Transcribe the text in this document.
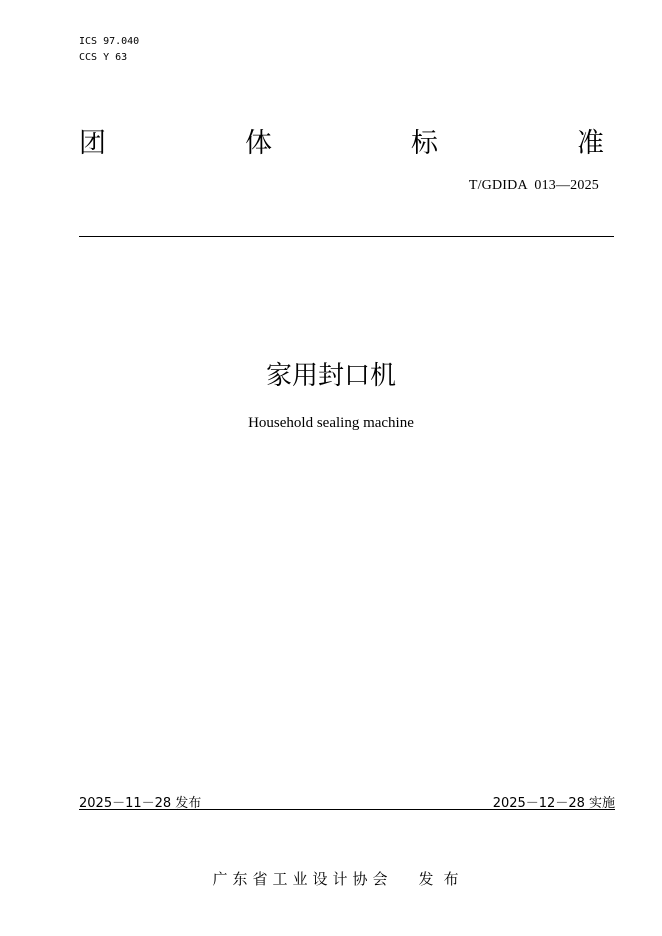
ICS 97.040
CCS Y 63
团	体	标	准
T/GDIDA  013—2025
家用封口机
Household sealing machine
2025－11－28 发布	2025－12－28 实施

广东省工业设计协会 发布
